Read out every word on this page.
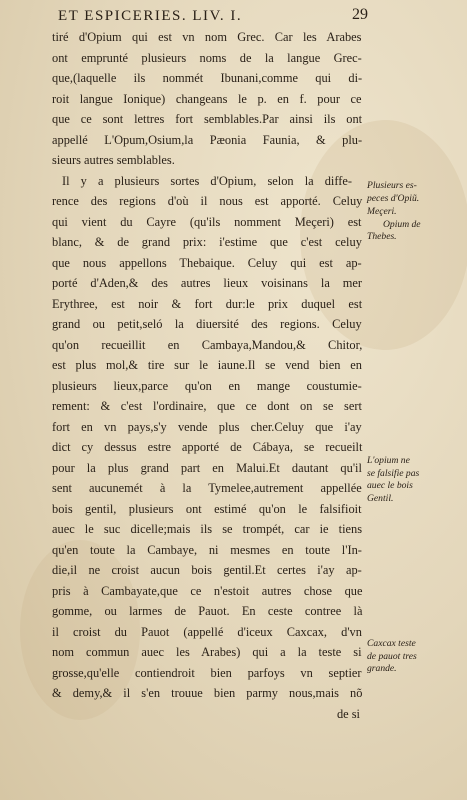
ET ESPICERIES. LIV. I.	29
tiré d'Opium qui est vn nom Grec. Car les Arabes
ont emprunté plusieurs noms de la langue Grec-
que,(laquelle ils nommét Ibunani,comme qui di-
roit langue Ionique) changeans le p. en f. pour ce
que ce sont lettres fort semblables.Par ainsi ils ont
appellé L'Opum,Osium,la Pæonia Faunia, & plu-
sieurs autres semblables.
Il y a plusieurs sortes d'Opium, selon la diffe-
rence des regions d'où il nous est apporté. Celuy
qui vient du Cayre (qu'ils nomment Meçeri) est
blanc, & de grand prix: i'estime que c'est celuy
que nous appellons Thebaique. Celuy qui est ap-
porté d'Aden,& des autres lieux voisinans la mer
Erythree, est noir & fort dur:le prix duquel est
grand ou petit,seló la diuersité des regions. Celuy
qu'on recueillit en Cambaya,Mandou,& Chitor,
est plus mol,& tire sur le iaune.Il se vend bien en
plusieurs lieux,parce qu'on en mange coustumie-
rement: & c'est l'ordinaire, que ce dont on se sert
fort en vn pays,s'y vende plus cher.Celuy que i'ay
dict cy dessus estre apporté de Cábaya, se recueilt
pour la plus grand part en Malui.Et dautant qu'il
sent aucunemét à la Tymelee,autrement appellée
bois gentil, plusieurs ont estimé qu'on le falsifioit
auec le suc dicelle;mais ils se trompét, car ie tiens
qu'en toute la Cambaye, ni mesmes en toute l'In-
die,il ne croist aucun bois gentil.Et certes i'ay ap-
pris à Cambayate,que ce n'estoit autres chose que
gomme, ou larmes de Pauot. En ceste contree là
il croist du Pauot (appellé d'iceux Caxcax, d'vn
nom commun auec les Arabes) qui a la teste si
grosse,qu'elle contiendroit bien parfoys vn septier
& demy,& il s'en trouue bien parmy nous,mais nõ
de si
Plusieurs es-
peces d'Opiũ.
Meçeri.
Opium de
Thebes.
L'opium ne
se falsifie pas
auec le bois
Gentil.
Caxcax teste
de pauot tres
grande.
